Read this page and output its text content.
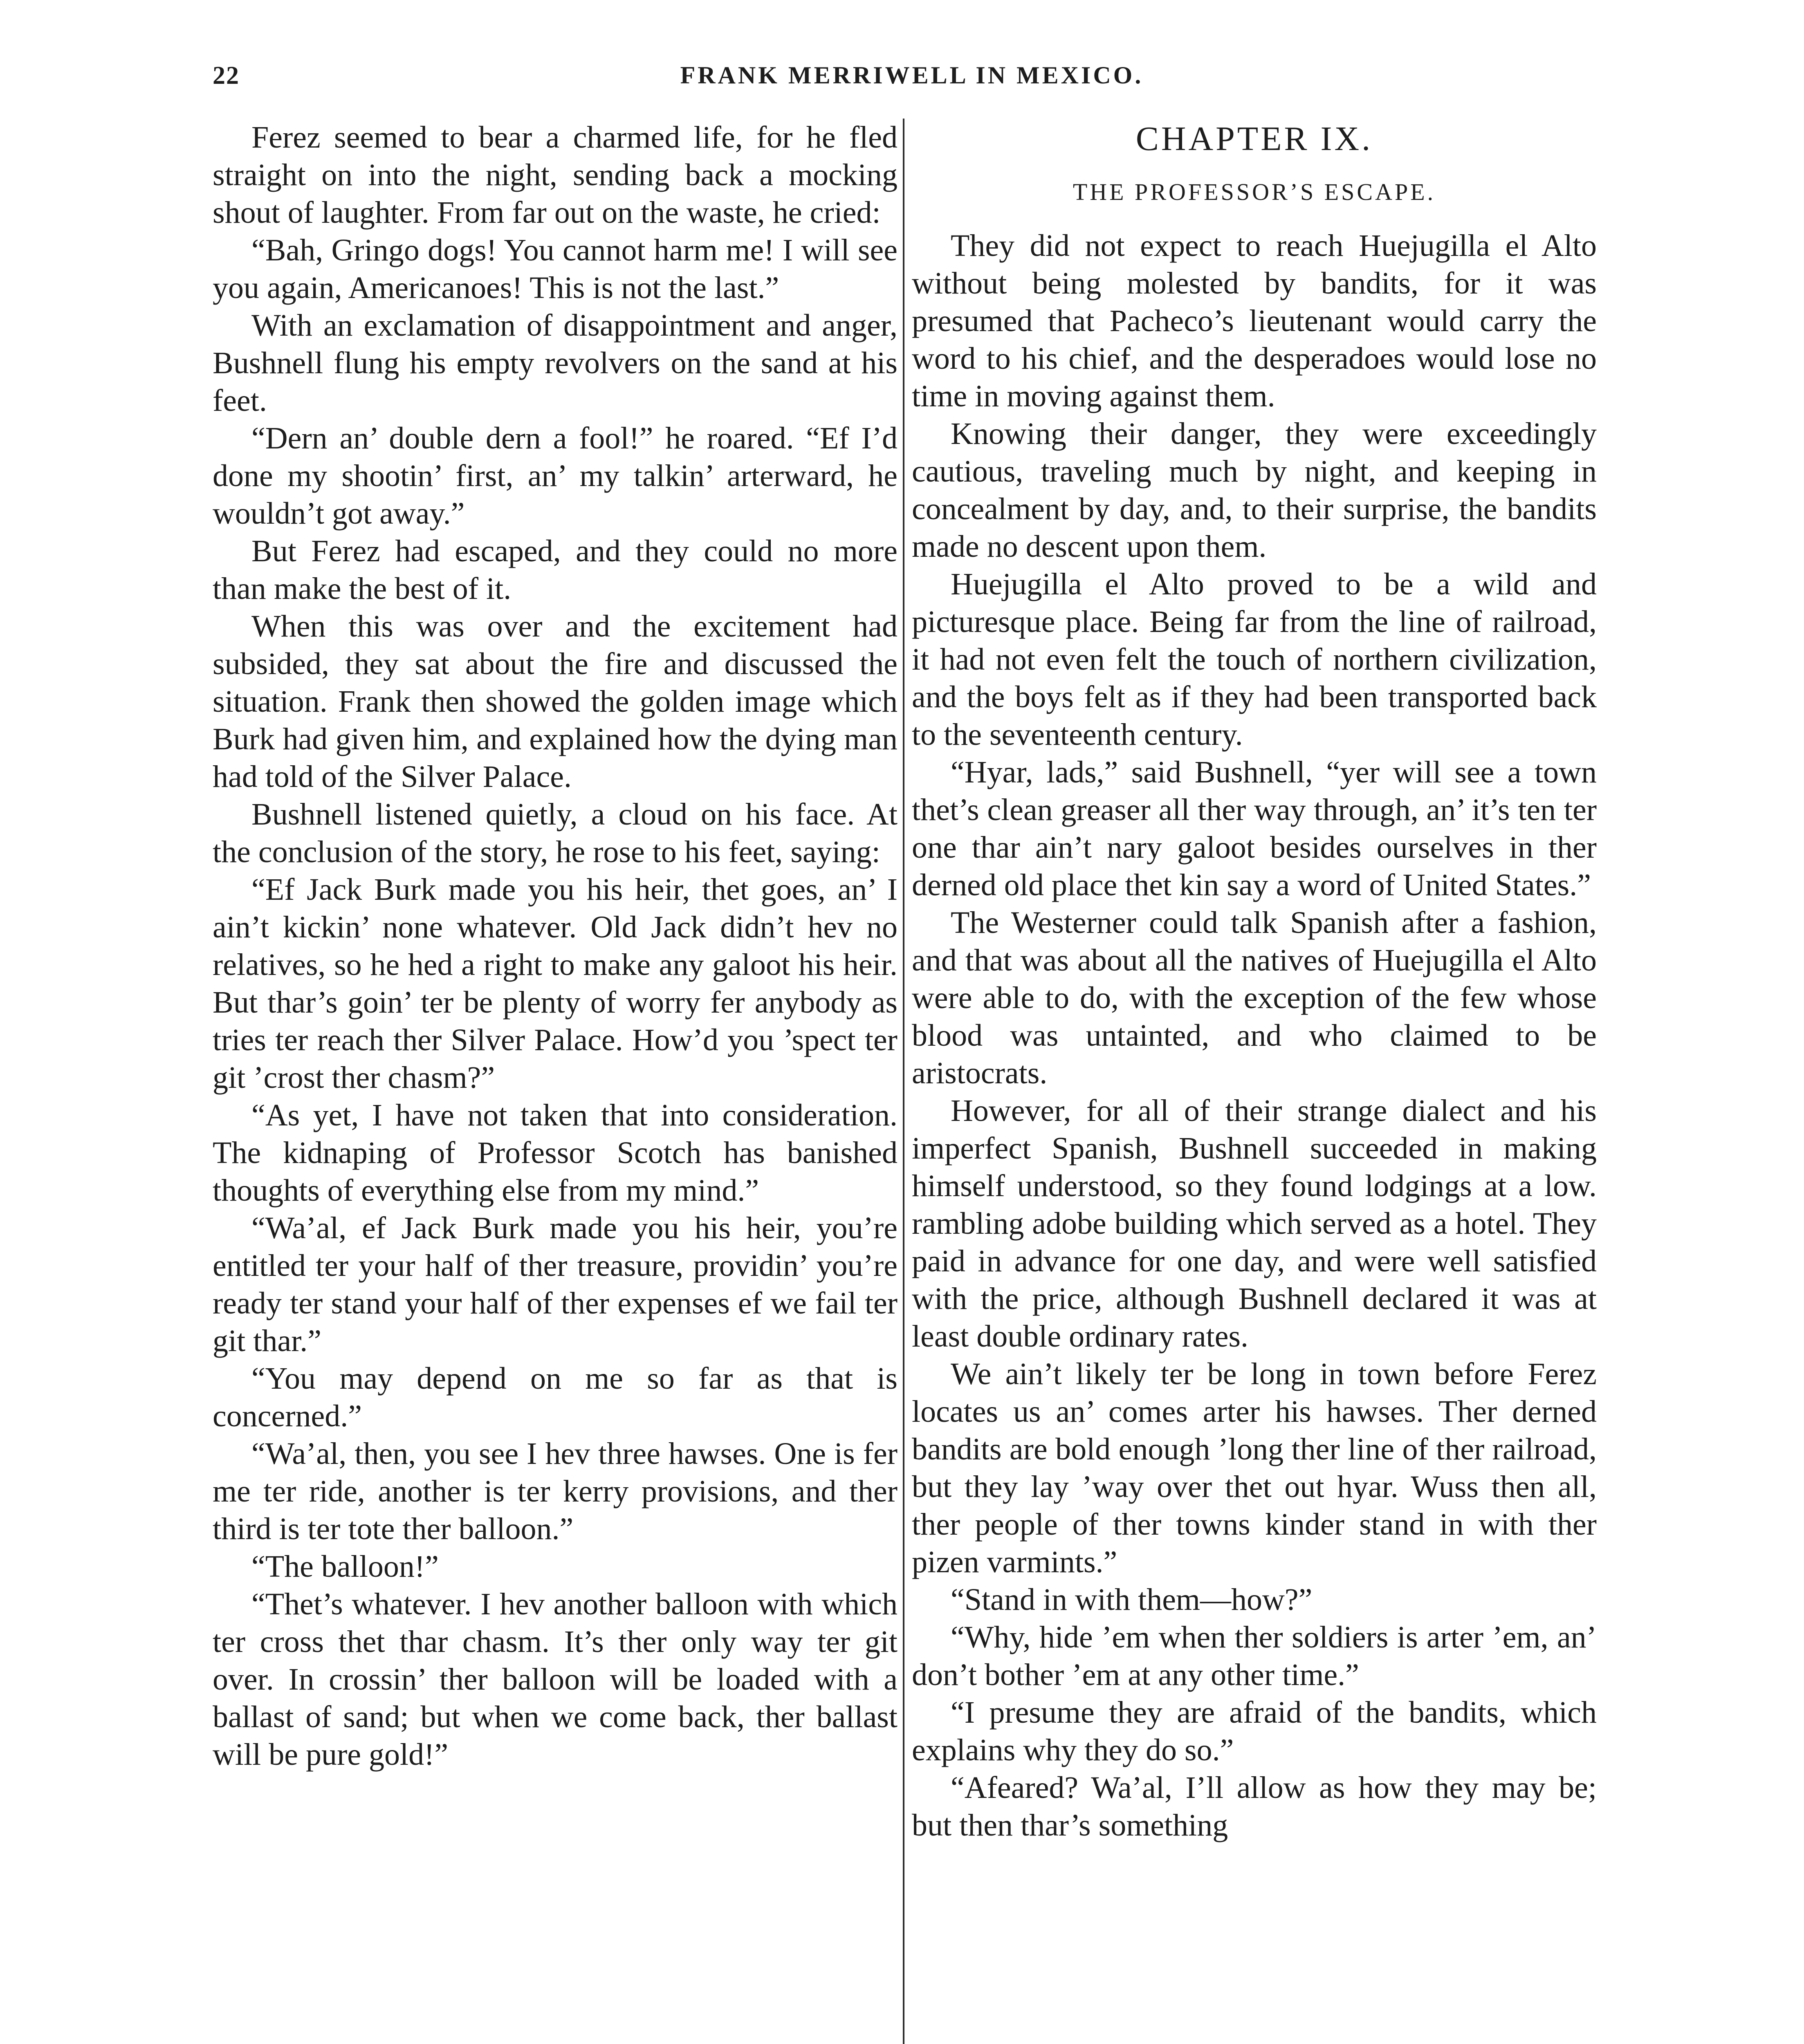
22	FRANK MERRIWELL IN MEXICO.

Ferez seemed to bear a charmed life, for he fled straight on into the night, sending back a mocking shout of laughter. From far out on the waste, he cried:

“Bah, Gringo dogs! You cannot harm me! I will see you again, Americanoes! This is not the last.”

With an exclamation of disappointment and anger, Bushnell flung his empty revolvers on the sand at his feet.

“Dern an’ double dern a fool!” he roared. “Ef I’d done my shootin’ first, an’ my talkin’ arterward, he wouldn’t got away.”

But Ferez had escaped, and they could no more than make the best of it.

When this was over and the excitement had subsided, they sat about the fire and discussed the situation. Frank then showed the golden image which Burk had given him, and explained how the dying man had told of the Silver Palace.

Bushnell listened quietly, a cloud on his face. At the conclusion of the story, he rose to his feet, saying:

“Ef Jack Burk made you his heir, thet goes, an’ I ain’t kickin’ none whatever. Old Jack didn’t hev no relatives, so he hed a right to make any galoot his heir. But thar’s goin’ ter be plenty of worry fer anybody as tries ter reach ther Silver Palace. How’d you ’spect ter git ’crost ther chasm?”

“As yet, I have not taken that into consideration. The kidnaping of Professor Scotch has banished thoughts of everything else from my mind.”

“Wa’al, ef Jack Burk made you his heir, you’re entitled ter your half of ther treasure, providin’ you’re ready ter stand your half of ther expenses ef we fail ter git thar.”

“You may depend on me so far as that is concerned.”

“Wa’al, then, you see I hev three hawses. One is fer me ter ride, another is ter kerry provisions, and ther third is ter tote ther balloon.”

“The balloon!”

“Thet’s whatever. I hev another balloon with which ter cross thet thar chasm. It’s ther only way ter git over. In crossin’ ther balloon will be loaded with a ballast of sand; but when we come back, ther ballast will be pure gold!”

CHAPTER IX.
THE PROFESSOR’S ESCAPE.

They did not expect to reach Huejugilla el Alto without being molested by bandits, for it was presumed that Pacheco’s lieutenant would carry the word to his chief, and the desperadoes would lose no time in moving against them.

Knowing their danger, they were exceedingly cautious, traveling much by night, and keeping in concealment by day, and, to their surprise, the bandits made no descent upon them.

Huejugilla el Alto proved to be a wild and picturesque place. Being far from the line of railroad, it had not even felt the touch of northern civilization, and the boys felt as if they had been transported back to the seventeenth century.

“Hyar, lads,” said Bushnell, “yer will see a town thet’s clean greaser all ther way through, an’ it’s ten ter one thar ain’t nary galoot besides ourselves in ther derned old place thet kin say a word of United States.”

The Westerner could talk Spanish after a fashion, and that was about all the natives of Huejugilla el Alto were able to do, with the exception of the few whose blood was untainted, and who claimed to be aristocrats.

However, for all of their strange dialect and his imperfect Spanish, Bushnell succeeded in making himself understood, so they found lodgings at a low. rambling adobe building which served as a hotel. They paid in advance for one day, and were well satisfied with the price, although Bushnell declared it was at least double ordinary rates.

We ain’t likely ter be long in town before Ferez locates us an’ comes arter his hawses. Ther derned bandits are bold enough ’long ther line of ther railroad, but they lay ’way over thet out hyar. Wuss then all, ther people of ther towns kinder stand in with ther pizen varmints.”

“Stand in with them—how?”

“Why, hide ’em when ther soldiers is arter ’em, an’ don’t bother ’em at any other time.”

“I presume they are afraid of the bandits, which explains why they do so.”

“Afeared? Wa’al, I’ll allow as how they may be; but then thar’s something
